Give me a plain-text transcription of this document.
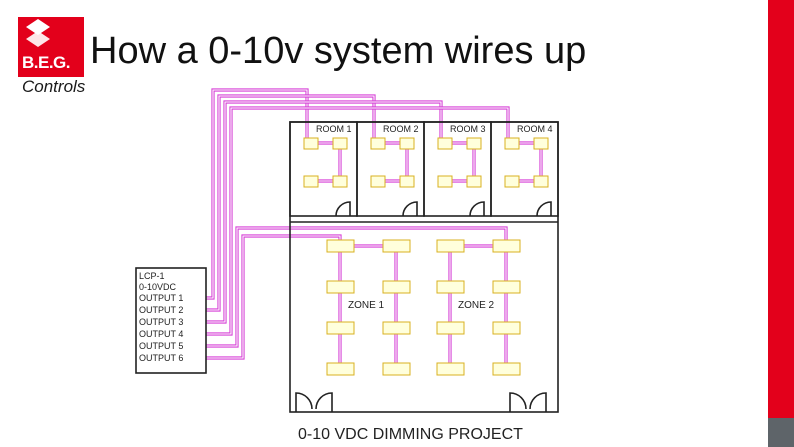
B.E.G.
Controls
How a 0-10v system wires up
ROOM 1	ROOM 2	ROOM 3	ROOM 4
ZONE 1	ZONE 2
LCP-1
0-10VDC
OUTPUT 1
OUTPUT 2
OUTPUT 3
OUTPUT 4
OUTPUT 5
OUTPUT 6
0-10 VDC DIMMING PROJECT
